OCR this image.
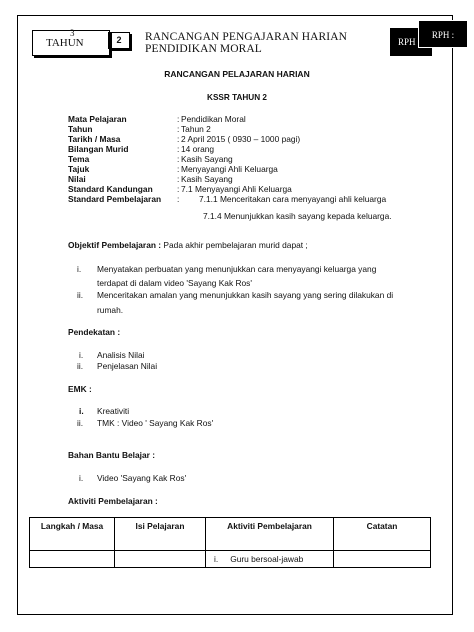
TAHUN
3
2	RANCANGAN PENGAJARAN HARIAN
PENDIDIKAN MORAL
RPH
RPH :
RANCANGAN PELAJARAN HARIAN
KSSR TAHUN 2
Mata Pelajaran	: Pendidikan Moral
Tahun	: Tahun 2
Tarikh / Masa	: 2 April 2015 ( 0930 – 1000 pagi)
Bilangan Murid	: 14 orang
Tema	: Kasih Sayang
Tajuk	: Menyayangi Ahli Keluarga
Nilai	: Kasih Sayang
Standard Kandungan	: 7.1 Menyayangi Ahli Keluarga
Standard Pembelajaran : 7.1.1 Menceritakan cara menyayangi ahli keluarga
7.1.4 Menunjukkan kasih sayang kepada keluarga.
Objektif Pembelajaran : Pada akhir pembelajaran murid dapat ;
i. Menyatakan perbuatan yang menunjukkan cara menyayangi keluarga yang
terdapat di dalam video 'Sayang Kak Ros'
ii. Menceritakan amalan yang menunjukkan kasih sayang yang sering dilakukan di
rumah.
Pendekatan :
i. Analisis Nilai
ii. Penjelasan Nilai
EMK :
i. Kreativiti
ii. TMK : Video ' Sayang Kak Ros'
Bahan Bantu Belajar :
i. Video 'Sayang Kak Ros'
Aktiviti Pembelajaran :
Langkah / Masa	Isi Pelajaran	Aktiviti Pembelajaran	Catatan
		i. Guru bersoal-jawab	
